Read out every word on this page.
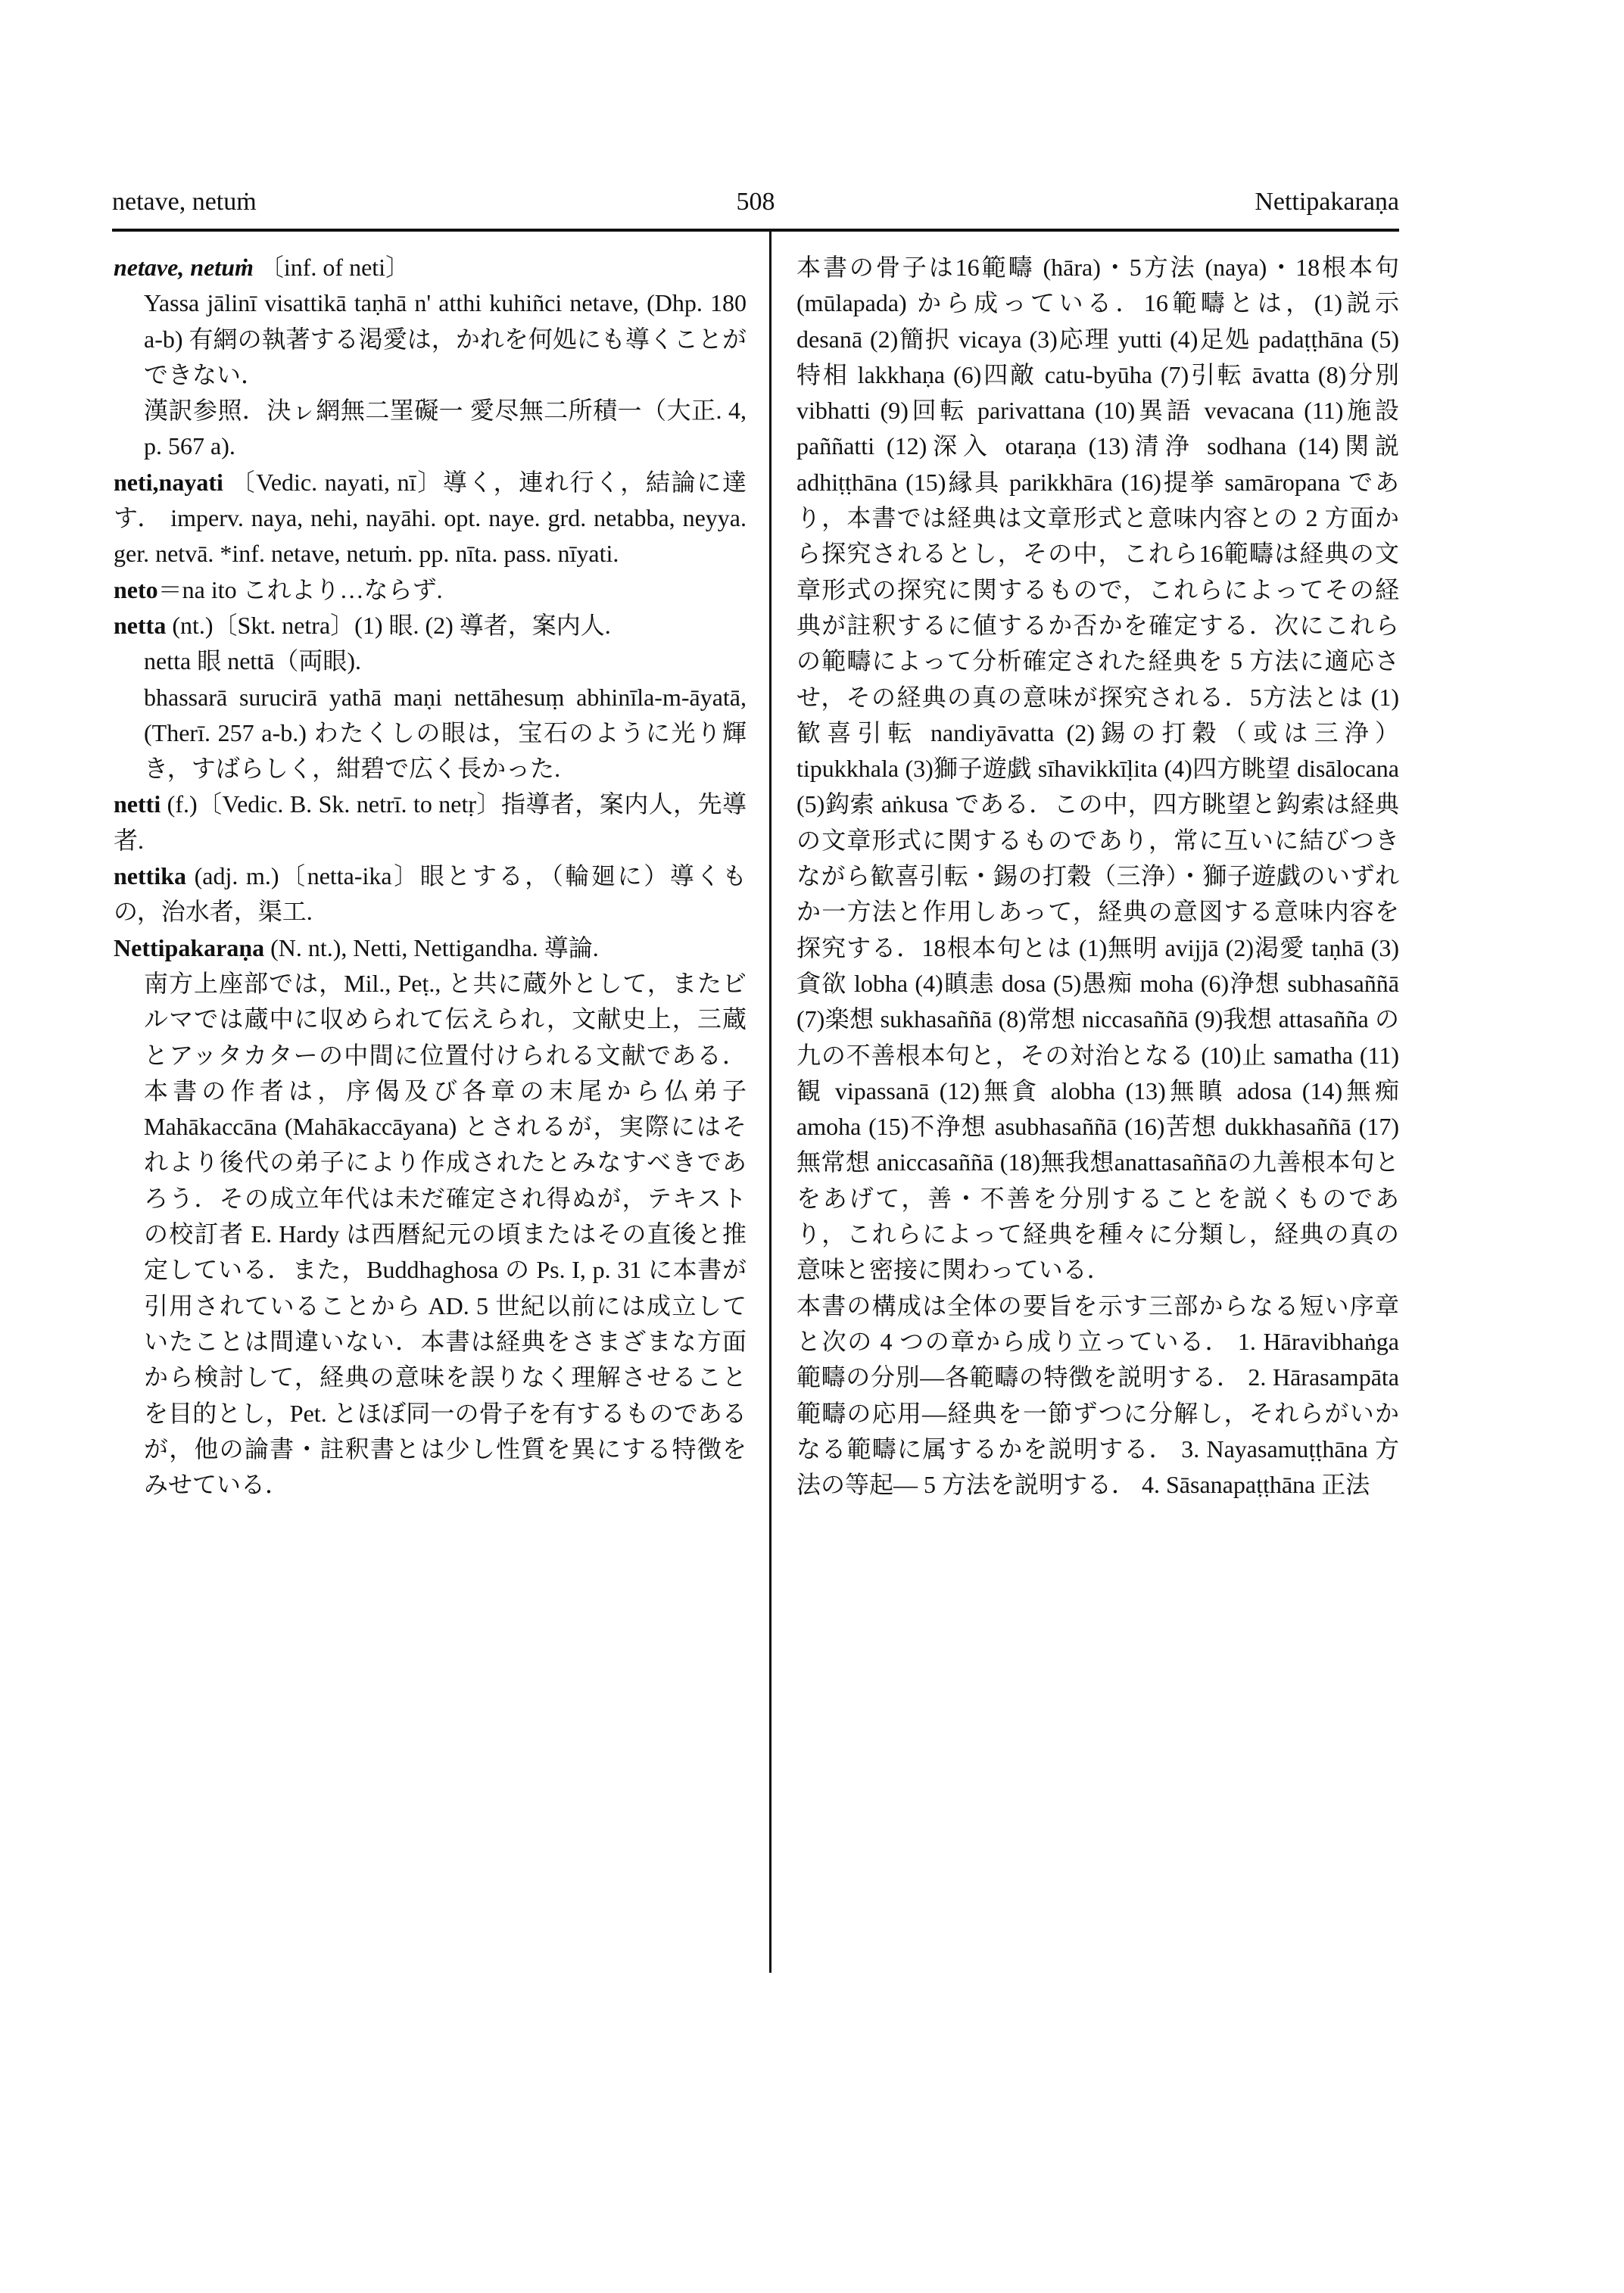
netave, netuṁ	508	Nettipakaraṇa
netave, netuṁ 〔inf. of neti〕
Yassa jālinī visattikā taṇhā n' atthi kuhiñci netave, (Dhp. 180 a-b) 有網の執著する渇愛は，かれを何処にも導くことができない．
漢訳参照．決ㇾ網無㆓罣礙㆒ 愛尽無㆓所積㆒（大正. 4, p. 567 a).
neti,nayati 〔Vedic. nayati, nī〕導く，連れ行く，結論に達す． imperv. naya, nehi, nayāhi. opt. naye. grd. netabba, neyya. ger. netvā. *inf. netave, netuṁ. pp. nīta. pass. nīyati.
neto＝na ito これより…ならず.
netta (nt.)〔Skt. netra〕(1) 眼. (2) 導者，案内人.
netta 眼 nettā（両眼).
bhassarā surucirā yathā maṇi nettāhesuṃ abhinīla-m-āyatā, (Therī. 257 a-b.) わたくしの眼は，宝石のように光り輝き，すばらしく，紺碧で広く長かった.
netti (f.)〔Vedic. B. Sk. netrī. to netṛ〕指導者，案内人，先導者.
nettika (adj. m.)〔netta-ika〕眼とする，（輪廻に）導くもの，治水者，渠工.
Nettipakaraṇa (N. nt.), Netti, Nettigandha. 導論.
南方上座部では，Mil., Peṭ., と共に蔵外として，またビルマでは蔵中に収められて伝えられ，文献史上，三蔵とアッタカターの中間に位置付けられる文献である．本書の作者は，序偈及び各章の末尾から仏弟子 Mahākaccāna (Mahākaccāyana) とされるが，実際にはそれより後代の弟子により作成されたとみなすべきであろう．その成立年代は未だ確定され得ぬが，テキストの校訂者 E. Hardy は西暦紀元の頃またはその直後と推定している．また，Buddhaghosa の Ps. I, p. 31 に本書が引用されていることから AD. 5 世紀以前には成立していたことは間違いない．本書は経典をさまざまな方面から検討して，経典の意味を誤りなく理解させることを目的とし，Pet. とほぼ同一の骨子を有するものであるが，他の論書・註釈書とは少し性質を異にする特徴をみせている．
本書の骨子は16範疇 (hāra)・5方法 (naya)・18根本句 (mūlapada) から成っている．16範疇とは，(1)説示 desanā (2)簡択 vicaya (3)応理 yutti (4)足処 padaṭṭhāna (5)特相 lakkhaṇa (6)四敵 catu-byūha (7)引転 āvatta (8)分別 vibhatti (9)回転 parivattana (10)異語 vevacana (11)施設 paññatti (12)深入 otaraṇa (13)清浄 sodhana (14)関説 adhiṭṭhāna (15)縁具 parikkhāra (16)提挙 samāropana であり，本書では経典は文章形式と意味内容との 2 方面から探究されるとし，その中，これら16範疇は経典の文章形式の探究に関するもので，これらによってその経典が註釈するに値するか否かを確定する．次にこれらの範疇によって分析確定された経典を 5 方法に適応させ，その経典の真の意味が探究される．5方法とは (1)歓喜引転 nandiyāvatta (2)錫の打穀（或は三浄）tipukkhala (3)獅子遊戯 sīhavikkīḷita (4)四方眺望 disālocana (5)鈎索 aṅkusa である．この中，四方眺望と鈎索は経典の文章形式に関するものであり，常に互いに結びつきながら歓喜引転・錫の打穀（三浄）・獅子遊戯のいずれか一方法と作用しあって，経典の意図する意味内容を探究する．18根本句とは (1)無明 avijjā (2)渇愛 taṇhā (3)貪欲 lobha (4)瞋恚 dosa (5)愚痴 moha (6)浄想 subhasaññā (7)楽想 sukhasaññā (8)常想 niccasaññā (9)我想 attasañña の九の不善根本句と，その対治となる (10)止 samatha (11)観 vipassanā (12)無貪 alobha (13)無瞋 adosa (14)無痴 amoha (15)不浄想 asubhasaññā (16)苦想 dukkhasaññā (17)無常想 aniccasaññā (18)無我想anattasaññāの九善根本句とをあげて，善・不善を分別することを説くものであり，これらによって経典を種々に分類し，経典の真の意味と密接に関わっている．
本書の構成は全体の要旨を示す三部からなる短い序章と次の 4 つの章から成り立っている． 1. Hāravibhaṅga 範疇の分別―各範疇の特徴を説明する． 2. Hārasampāta 範疇の応用―経典を一節ずつに分解し，それらがいかなる範疇に属するかを説明する． 3. Nayasamuṭṭhāna 方法の等起― 5 方法を説明する． 4. Sāsanapaṭṭhāna 正法
